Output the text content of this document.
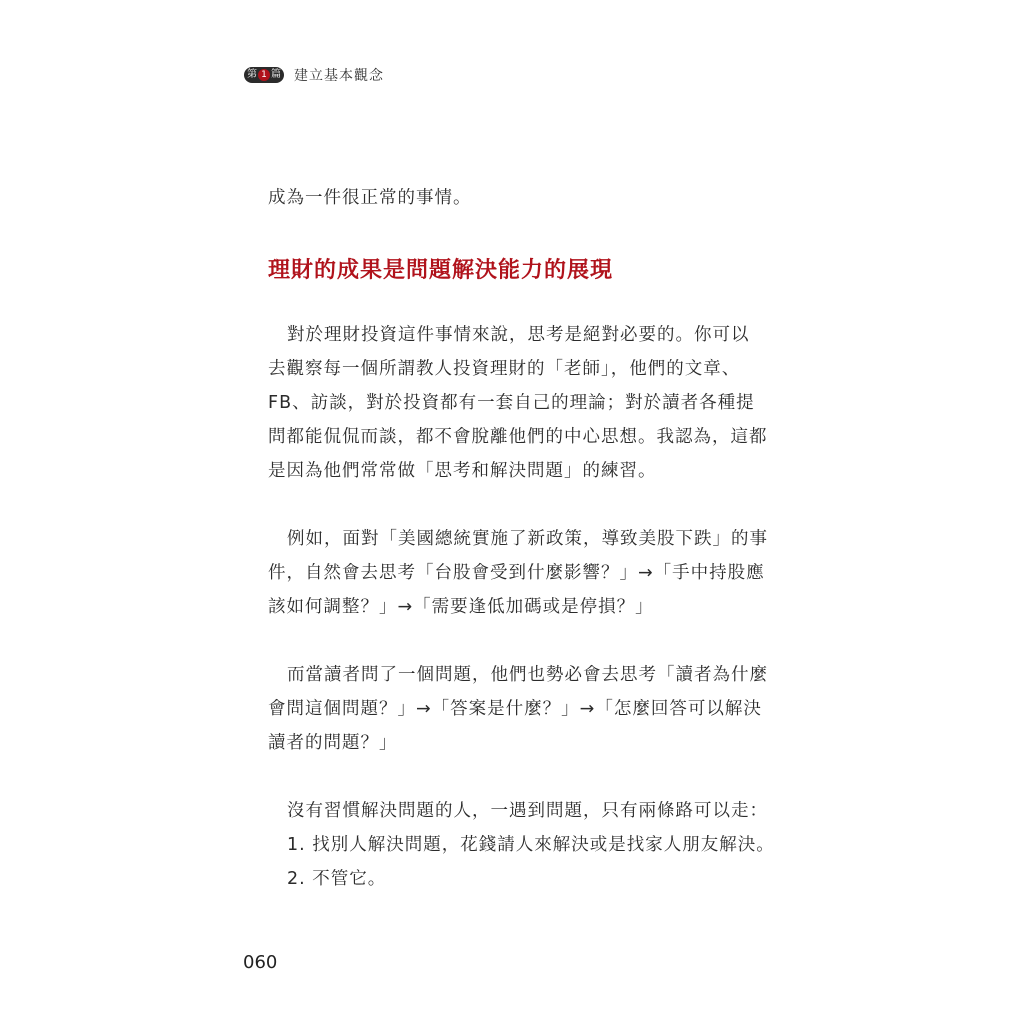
第 1 篇 建立基本觀念

成為一件很正常的事情。

理財的成果是問題解決能力的展現

對於理財投資這件事情來說，思考是絕對必要的。你可以

去觀察每一個所謂教人投資理財的「老師」，他們的文章、

FB、訪談，對於投資都有一套自己的理論；對於讀者各種提

問都能侃侃而談，都不會脫離他們的中心思想。我認為，這都

是因為他們常常做「思考和解決問題」的練習。

例如，面對「美國總統實施了新政策，導致美股下跌」的事

件，自然會去思考「台股會受到什麼影響？」→「手中持股應

該如何調整？」→「需要逢低加碼或是停損？」

而當讀者問了一個問題，他們也勢必會去思考「讀者為什麼

會問這個問題？」→「答案是什麼？」→「怎麼回答可以解決

讀者的問題？」

沒有習慣解決問題的人，一遇到問題，只有兩條路可以走：

1. 找別人解決問題，花錢請人來解決或是找家人朋友解決。

2. 不管它。

060
